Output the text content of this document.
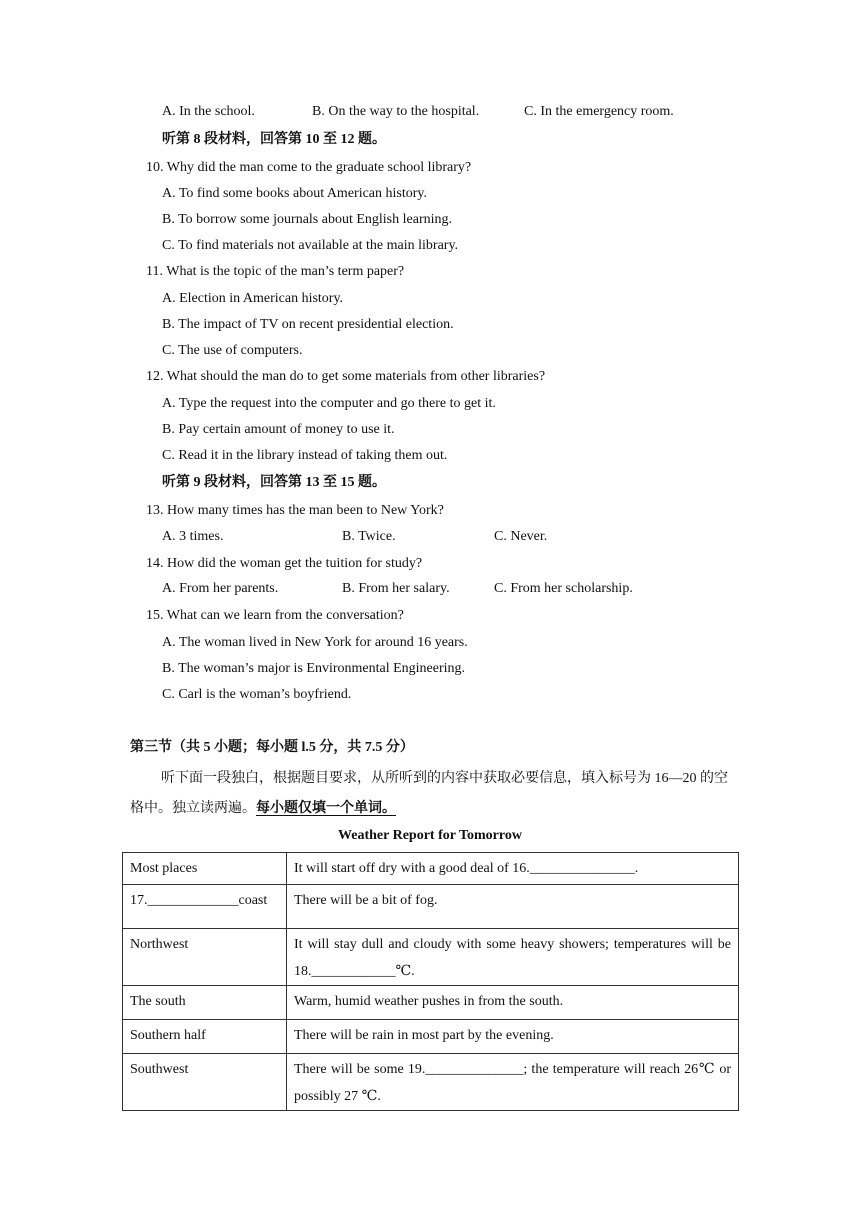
A. In the school.	B. On the way to the hospital.	C. In the emergency room.
听第 8 段材料，回答第 10 至 12 题。
10. Why did the man come to the graduate school library?
A. To find some books about American history.
B. To borrow some journals about English learning.
C. To find materials not available at the main library.
11. What is the topic of the man’s term paper?
A. Election in American history.
B. The impact of TV on recent presidential election.
C. The use of computers.
12. What should the man do to get some materials from other libraries?
A. Type the request into the computer and go there to get it.
B. Pay certain amount of money to use it.
C. Read it in the library instead of taking them out.
听第 9 段材料，回答第 13 至 15 题。
13. How many times has the man been to New York?
A. 3 times.	B. Twice.	C. Never.
14. How did the woman get the tuition for study?
A. From her parents.	B. From her salary.	C. From her scholarship.
15. What can we learn from the conversation?
A. The woman lived in New York for around 16 years.
B. The woman’s major is Environmental Engineering.
C. Carl is the woman’s boyfriend.
第三节（共 5 小题；每小题 l.5 分，共 7.5 分）
听下面一段独白，根据题目要求，从所听到的内容中获取必要信息，填入标号为 16—20 的空格中。独立读两遍。每小题仅填一个单词。
Weather Report for Tomorrow
Most places	It will start off dry with a good deal of 16._______________.
17._____________coast	There will be a bit of fog.
Northwest	It will stay dull and cloudy with some heavy showers; temperatures will be 18.____________℃.
The south	Warm, humid weather pushes in from the south.
Southern half	There will be rain in most part by the evening.
Southwest	There will be some 19.______________; the temperature will reach 26℃ or possibly 27 ℃.
